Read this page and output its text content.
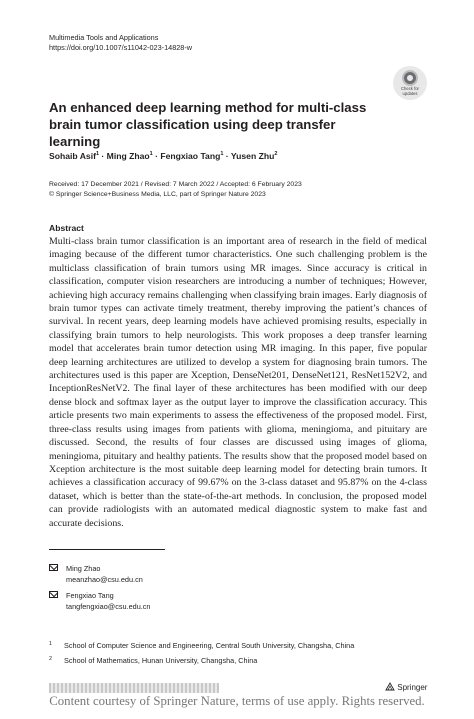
Multimedia Tools and Applications
https://doi.org/10.1007/s11042-023-14828-w
Check for
updates
An enhanced deep learning method for multi-class brain tumor classification using deep transfer learning
Sohaib Asif$^1$ · Ming Zhao$^1$ · Fengxiao Tang$^1$ · Yusen Zhu$^2$
Received: 17 December 2021 / Revised: 7 March 2022 / Accepted: 6 February 2023
© Springer Science+Business Media, LLC, part of Springer Nature 2023
Abstract

Multi-class brain tumor classification is an important area of research in the field of medical imaging because of the different tumor characteristics. One such challenging problem is the multiclass classification of brain tumors using MR images. Since accuracy is critical in classification, computer vision researchers are introducing a number of techniques; However, achieving high accuracy remains challenging when classifying brain images. Early diagnosis of brain tumor types can activate timely treatment, thereby improving the patient’s chances of survival. In recent years, deep learning models have achieved promising results, especially in classifying brain tumors to help neurologists. This work proposes a deep transfer learning model that accelerates brain tumor detection using MR imaging. In this paper, five popular deep learning architectures are utilized to develop a system for diagnosing brain tumors. The architectures used is this paper are Xception, DenseNet201, DenseNet121, ResNet152V2, and InceptionResNetV2. The final layer of these architectures has been modified with our deep dense block and softmax layer as the output layer to improve the classification accuracy. This article presents two main experiments to assess the effectiveness of the proposed model. First, three-class results using images from patients with glioma, meningioma, and pituitary are discussed. Second, the results of four classes are discussed using images of glioma, meningioma, pituitary and healthy patients. The results show that the proposed model based on Xception architecture is the most suitable deep learning model for detecting brain tumors. It achieves a classification accuracy of 99.67% on the 3-class dataset and 95.87% on the 4-class dataset, which is better than the state-of-the-art methods. In conclusion, the proposed model can provide radiologists with an automated medical diagnostic system to make fast and accurate decisions.

Ming Zhao
meanzhao@csu.edu.cn
Fengxiao Tang
tangfengxiao@csu.edu.cn
1 School of Computer Science and Engineering, Central South University, Changsha, China
2 School of Mathematics, Hunan University, Changsha, China
Springer
Content courtesy of Springer Nature, terms of use apply. Rights reserved.
